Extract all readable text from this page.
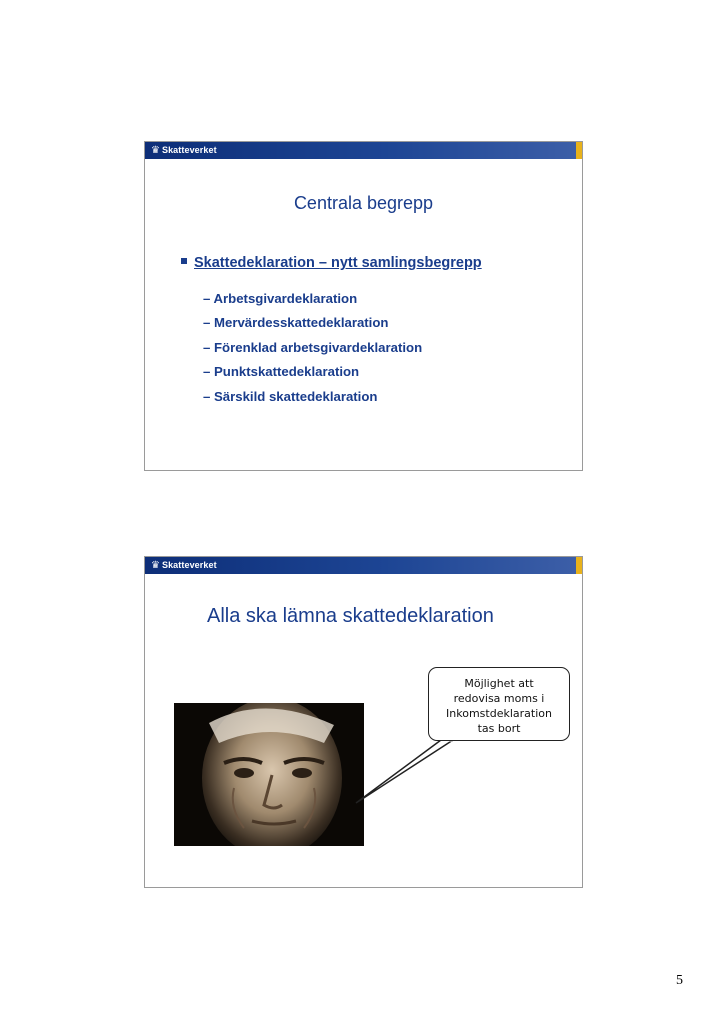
♛ Skatteverket
Centrala begrepp
Skattedeklaration – nytt samlingsbegrepp
– Arbetsgivardeklaration
– Mervärdesskattedeklaration
– Förenklad arbetsgivardeklaration
– Punktskattedeklaration
– Särskild skattedeklaration
♛ Skatteverket
Alla ska lämna skattedeklaration
Möjlighet att
redovisa moms i
Inkomstdeklaration
tas bort
5
